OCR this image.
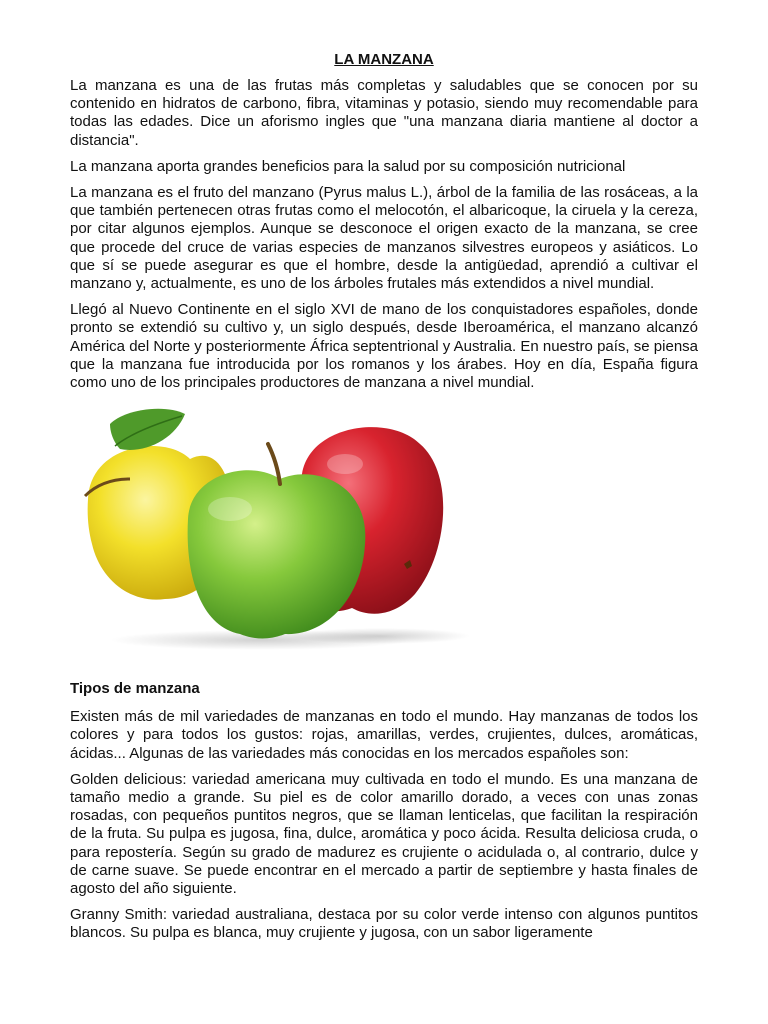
LA MANZANA

La manzana es una de las frutas más completas y saludables que se conocen por su contenido en hidratos de carbono, fibra, vitaminas y potasio, siendo muy recomendable para todas las edades. Dice un aforismo ingles que "una manzana diaria mantiene al doctor a distancia".

La manzana aporta grandes beneficios para la salud por su composición nutricional

La manzana es el fruto del manzano (Pyrus malus L.), árbol de la familia de las rosáceas, a la que también pertenecen otras frutas como el melocotón, el albaricoque, la ciruela y la cereza, por citar algunos ejemplos. Aunque se desconoce el origen exacto de la manzana, se cree que procede del cruce de varias especies de manzanos silvestres europeos y asiáticos. Lo que sí se puede asegurar es que el hombre, desde la antigüedad, aprendió a cultivar el manzano y, actualmente, es uno de los árboles frutales más extendidos a nivel mundial.

Llegó al Nuevo Continente en el siglo XVI de mano de los conquistadores españoles, donde pronto se extendió su cultivo y, un siglo después, desde Iberoamérica, el manzano alcanzó América del Norte y posteriormente África septentrional y Australia. En nuestro país, se piensa que la manzana fue introducida por los romanos y los árabes. Hoy en día, España figura como uno de los principales productores de manzana a nivel mundial.

Tipos de manzana

Existen más de mil variedades de manzanas en todo el mundo. Hay manzanas de todos los colores y para todos los gustos: rojas, amarillas, verdes, crujientes, dulces, aromáticas, ácidas... Algunas de las variedades más conocidas en los mercados españoles son:

Golden delicious: variedad americana muy cultivada en todo el mundo. Es una manzana de tamaño medio a grande. Su piel es de color amarillo dorado, a veces con unas zonas rosadas, con pequeños puntitos negros, que se llaman lenticelas, que facilitan la respiración de la fruta. Su pulpa es jugosa, fina, dulce, aromática y poco ácida. Resulta deliciosa cruda, o para repostería. Según su grado de madurez es crujiente o acidulada o, al contrario, dulce y de carne suave. Se puede encontrar en el mercado a partir de septiembre y hasta finales de agosto del año siguiente.

Granny Smith: variedad australiana, destaca por su color verde intenso con algunos puntitos blancos. Su pulpa es blanca, muy crujiente y jugosa, con un sabor ligeramente
